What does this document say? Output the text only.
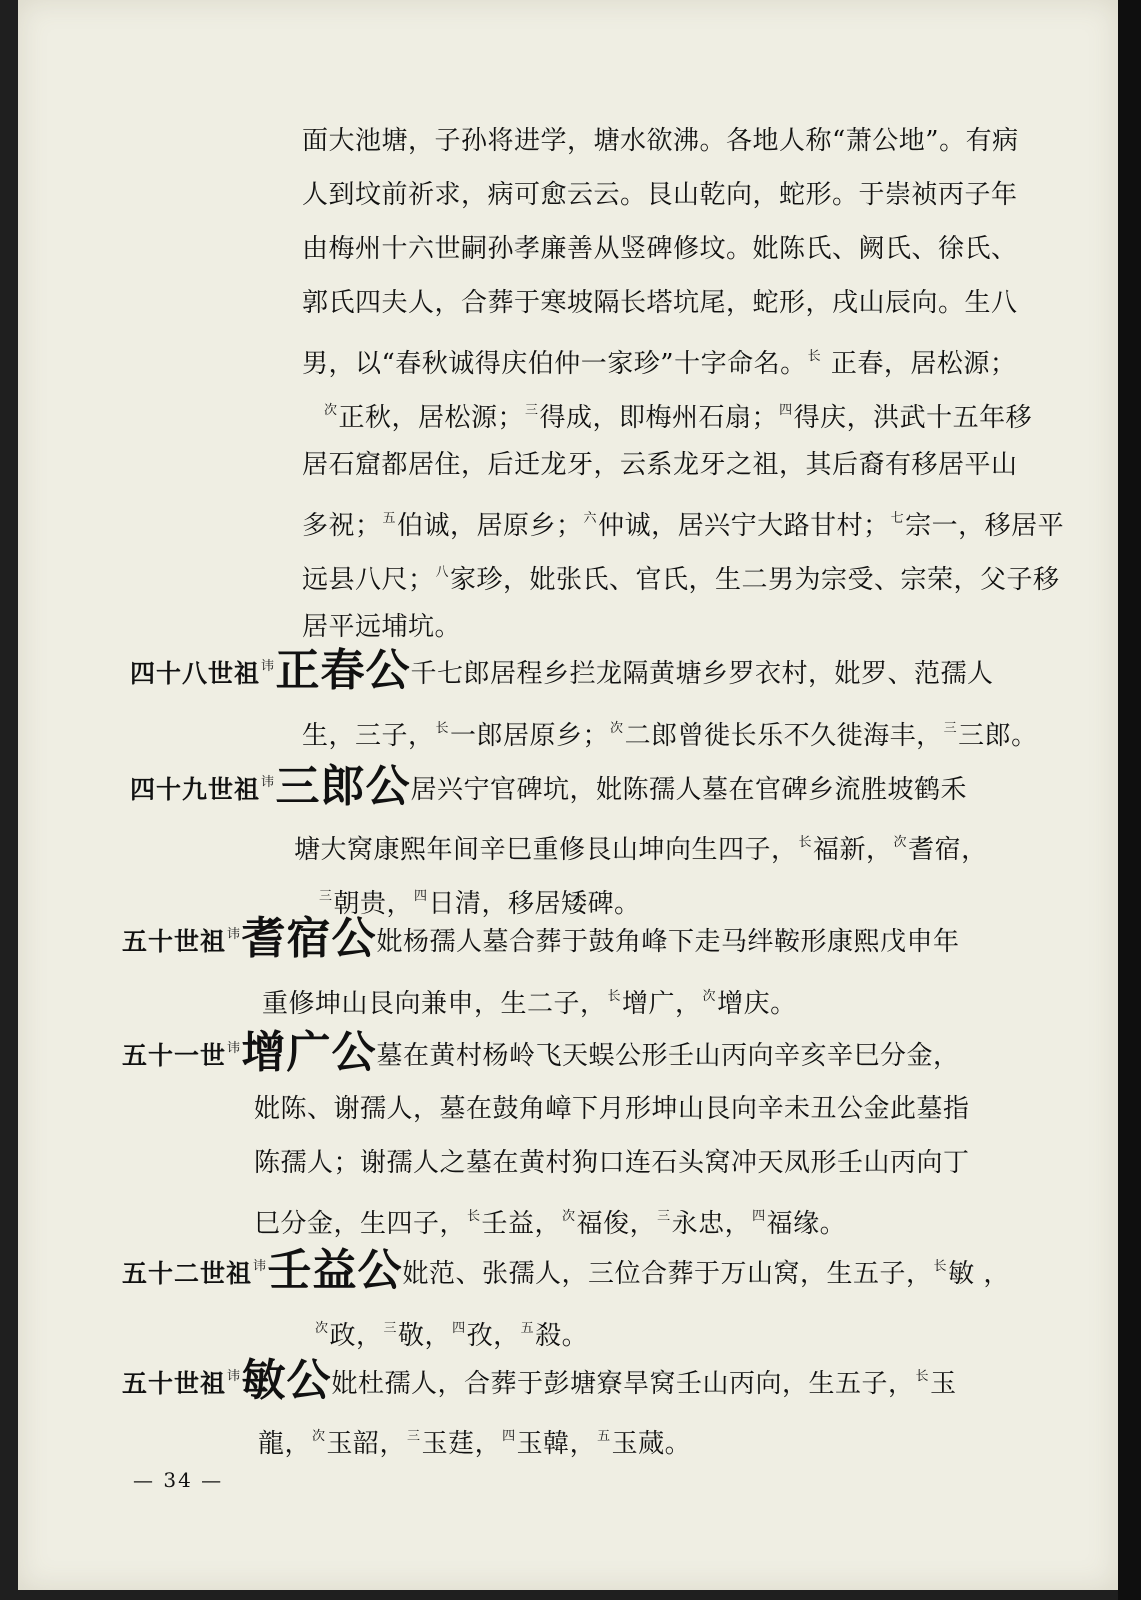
面大池塘，子孙将进学，塘水欲沸。各地人称“萧公地”。有病
人到坟前祈求，病可愈云云。艮山乾向，蛇形。于崇祯丙子年
由梅州十六世嗣孙孝廉善从竖碑修坟。妣陈氏、阙氏、徐氏、
郭氏四夫人，合葬于寒坡隔长塔坑尾，蛇形，戌山辰向。生八
男，以“春秋诚得庆伯仲一家珍”十字命名。$^长$ 正春，居松源；
$^次$正秋，居松源；$^三$得成，即梅州石扇；$^四$得庆，洪武十五年移
居石窟都居住，后迁龙牙，云系龙牙之祖，其后裔有移居平山
多祝；$^五$伯诚，居原乡；$^六$仲诚，居兴宁大路甘村；$^七$宗一，移居平
远县八尺；$^八$家珍，妣张氏、官氏，生二男为宗受、宗荣，父子移
居平远埔坑。
四十八世祖$^讳$正春公千七郎居程乡拦龙隔黄塘乡罗衣村，妣罗、范孺人
生，三子，$^长$一郎居原乡；$^次$二郎曾徙长乐不久徙海丰，$^三$三郎。
四十九世祖$^讳$三郎公居兴宁官碑坑，妣陈孺人墓在官碑乡流胜坡鹤禾
塘大窝康熙年间辛巳重修艮山坤向生四子，$^长$福新，$^次$耆宿，
$^三$朝贵，$^四$日清，移居矮碑。
五十世祖$^讳$耆宿公妣杨孺人墓合葬于鼓角峰下走马绊鞍形康熙戊申年
重修坤山艮向兼申，生二子，$^长$增广，$^次$增庆。
五十一世$^讳$增广公墓在黄村杨岭飞天蜈公形壬山丙向辛亥辛巳分金，
妣陈、谢孺人，墓在鼓角嶂下月形坤山艮向辛未丑公金此墓指
陈孺人；谢孺人之墓在黄村狗口连石头窝冲天凤形壬山丙向丁
巳分金，生四子，$^长$壬益，$^次$福俊，$^三$永忠，$^四$福缘。
五十二世祖$^讳$壬益公妣范、张孺人，三位合葬于万山窝，生五子，$^长$敏 ，
$^次$政，$^三$敬，$^四$孜，$^五$殺。
五十世祖$^讳$敏公妣杜孺人，合葬于彭塘寮旱窝壬山丙向，生五子，$^长$玉
龍，$^次$玉韶，$^三$玉莛，$^四$玉韓，$^五$玉蒇。
— 34 —
